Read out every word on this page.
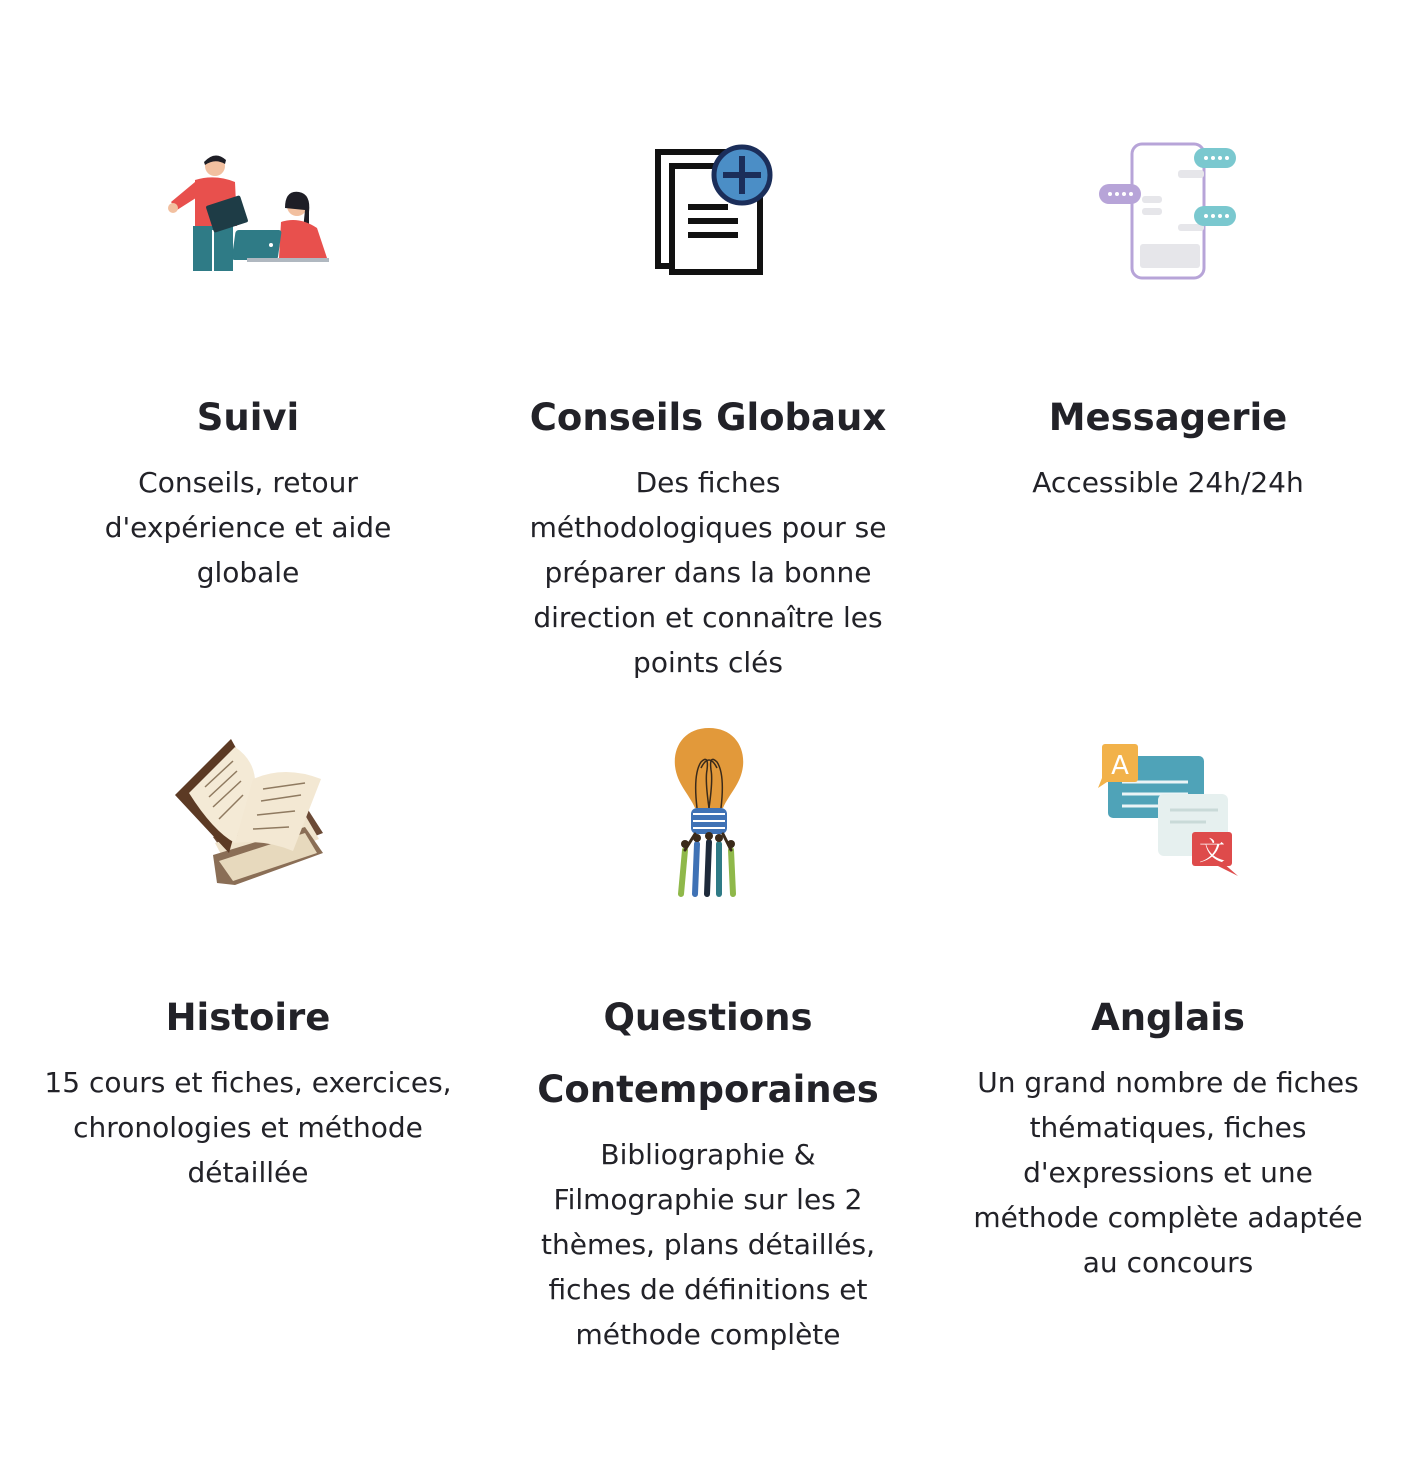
Suivi

Conseils, retour d'expérience et aide globale

Conseils Globaux

Des fiches méthodologiques pour se préparer dans la bonne direction et connaître les points clés

Messagerie

Accessible 24h/24h

Histoire

15 cours et fiches, exercices, chronologies et méthode détaillée

Questions Contemporaines

Bibliographie & Filmographie sur les 2 thèmes, plans détaillés, fiches de définitions et méthode complète

A
文
Anglais

Un grand nombre de fiches thématiques, fiches d'expressions et une méthode complète adaptée au concours
